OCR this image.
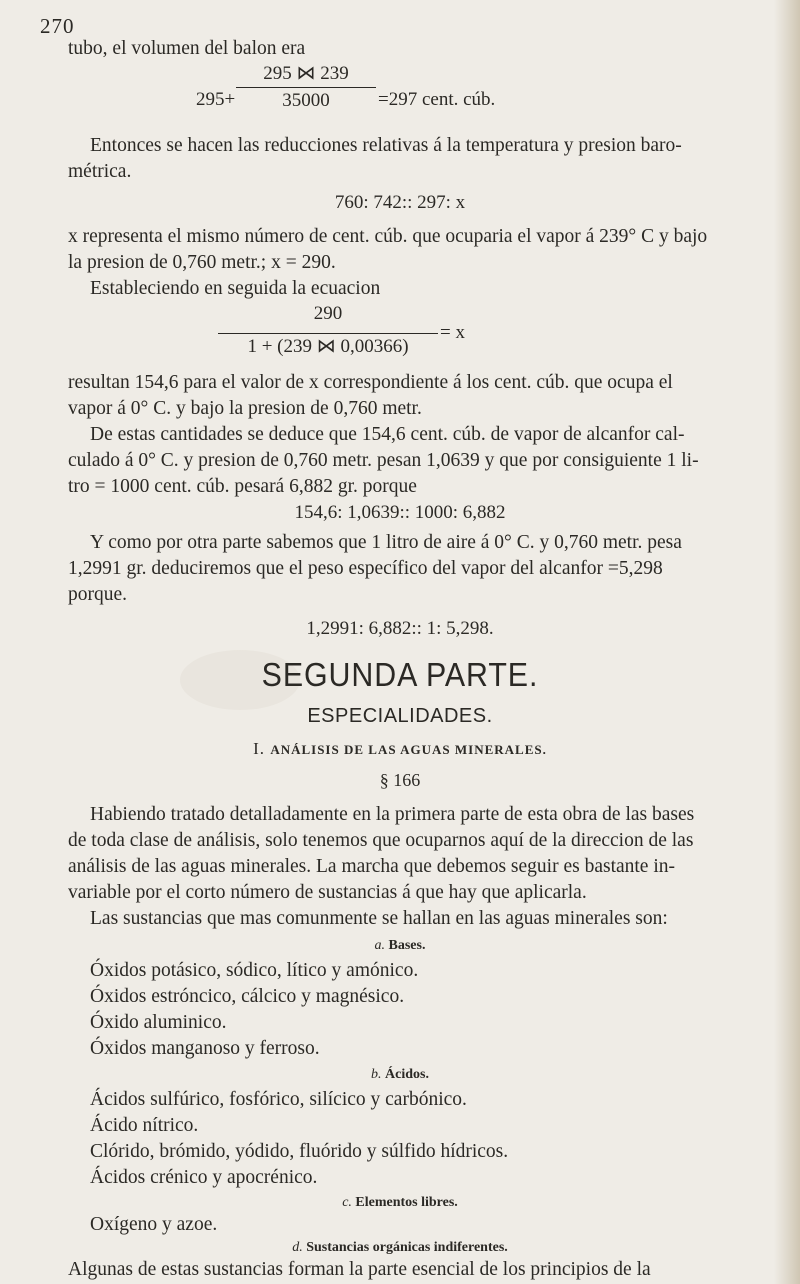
270
tubo, el volumen del balon era
295+
295 ⋈ 239
35000	=297 cent. cúb.
Entonces se hacen las reducciones relativas á la temperatura y presion baro-
métrica.
760: 742:: 297: x
x representa el mismo número de cent. cúb. que ocuparia el vapor á 239° C y bajo
la presion de 0,760 metr.; x = 290.
Estableciendo en seguida la ecuacion
290
1 + (239 ⋈ 0,00366)
= x
resultan 154,6 para el valor de x correspondiente á los cent. cúb. que ocupa el
vapor á 0° C. y bajo la presion de 0,760 metr.
De estas cantidades se deduce que 154,6 cent. cúb. de vapor de alcanfor cal-
culado á 0° C. y presion de 0,760 metr. pesan 1,0639 y que por consiguiente 1 li-
tro = 1000 cent. cúb. pesará 6,882 gr. porque
154,6: 1,0639:: 1000: 6,882
Y como por otra parte sabemos que 1 litro de aire á 0° C. y 0,760 metr. pesa
1,2991 gr. deduciremos que el peso específico del vapor del alcanfor =5,298
porque.
1,2991: 6,882:: 1: 5,298.
SEGUNDA PARTE.
ESPECIALIDADES.
I. ANÁLISIS DE LAS AGUAS MINERALES.
§ 166
Habiendo tratado detalladamente en la primera parte de esta obra de las bases
de toda clase de análisis, solo tenemos que ocuparnos aquí de la direccion de las
análisis de las aguas minerales. La marcha que debemos seguir es bastante in-
variable por el corto número de sustancias á que hay que aplicarla.
Las sustancias que mas comunmente se hallan en las aguas minerales son:
a. Bases.
Óxidos potásico, sódico, lítico y amónico.
Óxidos estróncico, cálcico y magnésico.
Óxido aluminico.
Óxidos manganoso y ferroso.
b. Ácidos.
Ácidos sulfúrico, fosfórico, silícico y carbónico.
Ácido nítrico.
Clórido, brómido, yódido, fluórido y súlfido hídricos.
Ácidos crénico y apocrénico.
c. Elementos libres.
Oxígeno y azoe.
d. Sustancias orgánicas indiferentes.
Algunas de estas sustancias forman la parte esencial de los principios de la
